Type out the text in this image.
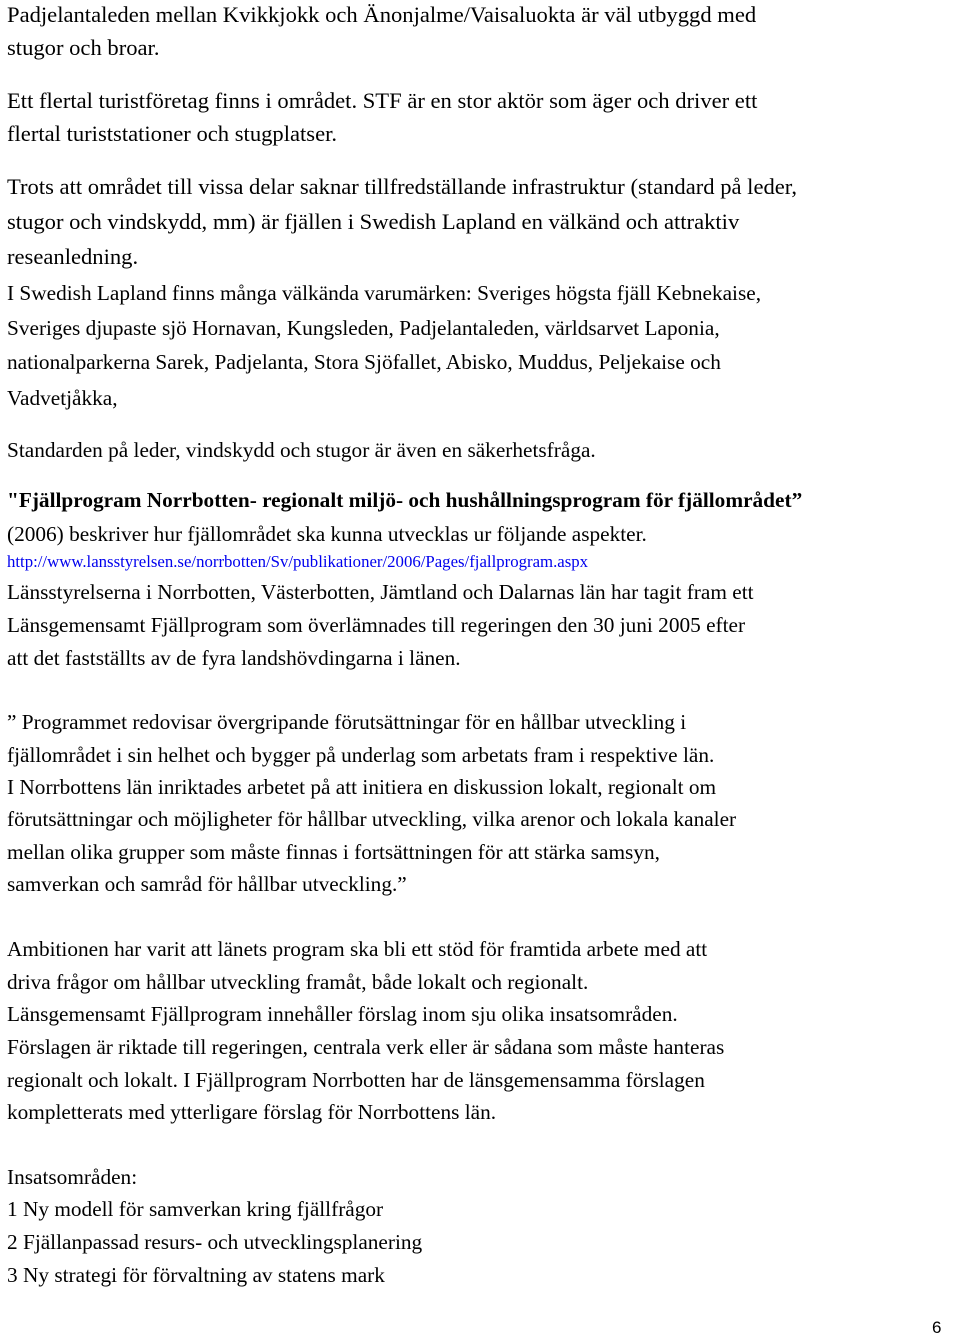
Padjelantaleden mellan Kvikkjokk och Änonjalme/Vaisaluokta är väl utbyggd med

stugor och broar.

Ett flertal turistföretag finns i området. STF är en stor aktör som äger och driver ett

flertal turiststationer och stugplatser.

Trots att området till vissa delar saknar tillfredställande infrastruktur (standard på leder,

stugor och vindskydd, mm) är fjällen i Swedish Lapland en välkänd och attraktiv

reseanledning.

I Swedish Lapland finns många välkända varumärken: Sveriges högsta fjäll Kebnekaise,

Sveriges djupaste sjö Hornavan, Kungsleden, Padjelantaleden, världsarvet Laponia,

nationalparkerna Sarek, Padjelanta, Stora Sjöfallet, Abisko, Muddus, Peljekaise och

Vadvetjåkka,

Standarden på leder, vindskydd och stugor är även en säkerhetsfråga.

"Fjällprogram Norrbotten- regionalt miljö- och hushållningsprogram för fjällområdet”

(2006) beskriver hur fjällområdet ska kunna utvecklas ur följande aspekter.

http://www.lansstyrelsen.se/norrbotten/Sv/publikationer/2006/Pages/fjallprogram.aspx

Länsstyrelserna i Norrbotten, Västerbotten, Jämtland och Dalarnas län har tagit fram ett

Länsgemensamt Fjällprogram som överlämnades till regeringen den 30 juni 2005 efter

att det fastställts av de fyra landshövdingarna i länen.

” Programmet redovisar övergripande förutsättningar för en hållbar utveckling i

fjällområdet i sin helhet och bygger på underlag som arbetats fram i respektive län.

I Norrbottens län inriktades arbetet på att initiera en diskussion lokalt, regionalt om

förutsättningar och möjligheter för hållbar utveckling, vilka arenor och lokala kanaler

mellan olika grupper som måste finnas i fortsättningen för att stärka samsyn,

samverkan och samråd för hållbar utveckling.”

Ambitionen har varit att länets program ska bli ett stöd för framtida arbete med att

driva frågor om hållbar utveckling framåt, både lokalt och regionalt.

Länsgemensamt Fjällprogram innehåller förslag inom sju olika insatsområden.

Förslagen är riktade till regeringen, centrala verk eller är sådana som måste hanteras

regionalt och lokalt. I Fjällprogram Norrbotten har de länsgemensamma förslagen

kompletterats med ytterligare förslag för Norrbottens län.

Insatsområden:

1 Ny modell för samverkan kring fjällfrågor

2 Fjällanpassad resurs- och utvecklingsplanering

3 Ny strategi för förvaltning av statens mark

6
